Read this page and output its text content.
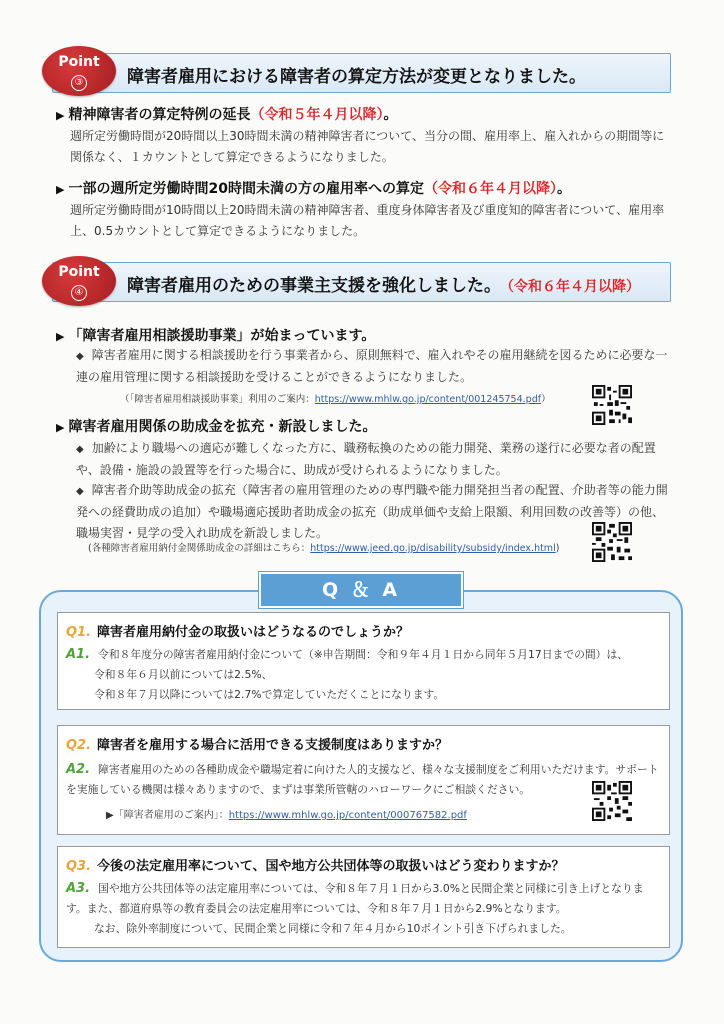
障害者雇用における障害者の算定方法が変更となりました。
Point
③
▶ 精神障害者の算定特例の延長（令和５年４月以降）。
週所定労働時間が20時間以上30時間未満の精神障害者について、当分の間、雇用率上、雇入れからの期間等に関係なく、１カウントとして算定できるようになりました。
▶ 一部の週所定労働時間20時間未満の方の雇用率への算定（令和６年４月以降）。
週所定労働時間が10時間以上20時間未満の精神障害者、重度身体障害者及び重度知的障害者について、雇用率上、0.5カウントとして算定できるようになりました。
障害者雇用のための事業主支援を強化しました。 （令和６年４月以降）
Point
④
▶ 「障害者雇用相談援助事業」が始まっています。
◆ 障害者雇用に関する相談援助を行う事業者から、原則無料で、雇入れやその雇用継続を図るために必要な一連の雇用管理に関する相談援助を受けることができるようになりました。
（「障害者雇用相談援助事業」利用のご案内：https://www.mhlw.go.jp/content/001245754.pdf）
▶ 障害者雇用関係の助成金を拡充・新設しました。
◆ 加齢により職場への適応が難しくなった方に、職務転換のための能力開発、業務の遂行に必要な者の配置や、設備・施設の設置等を行った場合に、助成が受けられるようになりました。
◆ 障害者介助等助成金の拡充（障害者の雇用管理のための専門職や能力開発担当者の配置、介助者等の能力開発への経費助成の追加）や職場適応援助者助成金の拡充（助成単価や支給上限額、利用回数の改善等）の他、職場実習・見学の受入れ助成を新設しました。
(各種障害者雇用納付金関係助成金の詳細はこちら：https://www.jeed.go.jp/disability/subsidy/index.html)
Q ＆ A
Q1. 障害者雇用納付金の取扱いはどうなるのでしょうか？
A1. 令和８年度分の障害者雇用納付金について（※申告期間：令和９年４月１日から同年５月17日までの間）は、
令和８年６月以前については2.5%、
令和８年７月以降については2.7%で算定していただくことになります。
Q2. 障害者を雇用する場合に活用できる支援制度はありますか？
A2. 障害者雇用のための各種助成金や職場定着に向けた人的支援など、様々な支援制度をご利用いただけます。サポートを実施している機関は様々ありますので、まずは事業所管轄のハローワークにご相談ください。
▶「障害者雇用のご案内」：https://www.mhlw.go.jp/content/000767582.pdf
Q3. 今後の法定雇用率について、国や地方公共団体等の取扱いはどう変わりますか？
A3. 国や地方公共団体等の法定雇用率については、令和８年７月１日から3.0%と民間企業と同様に引き上げとなります。また、都道府県等の教育委員会の法定雇用率については、令和８年７月１日から2.9%となります。
なお、除外率制度について、民間企業と同様に令和７年４月から10ポイント引き下げられました。
